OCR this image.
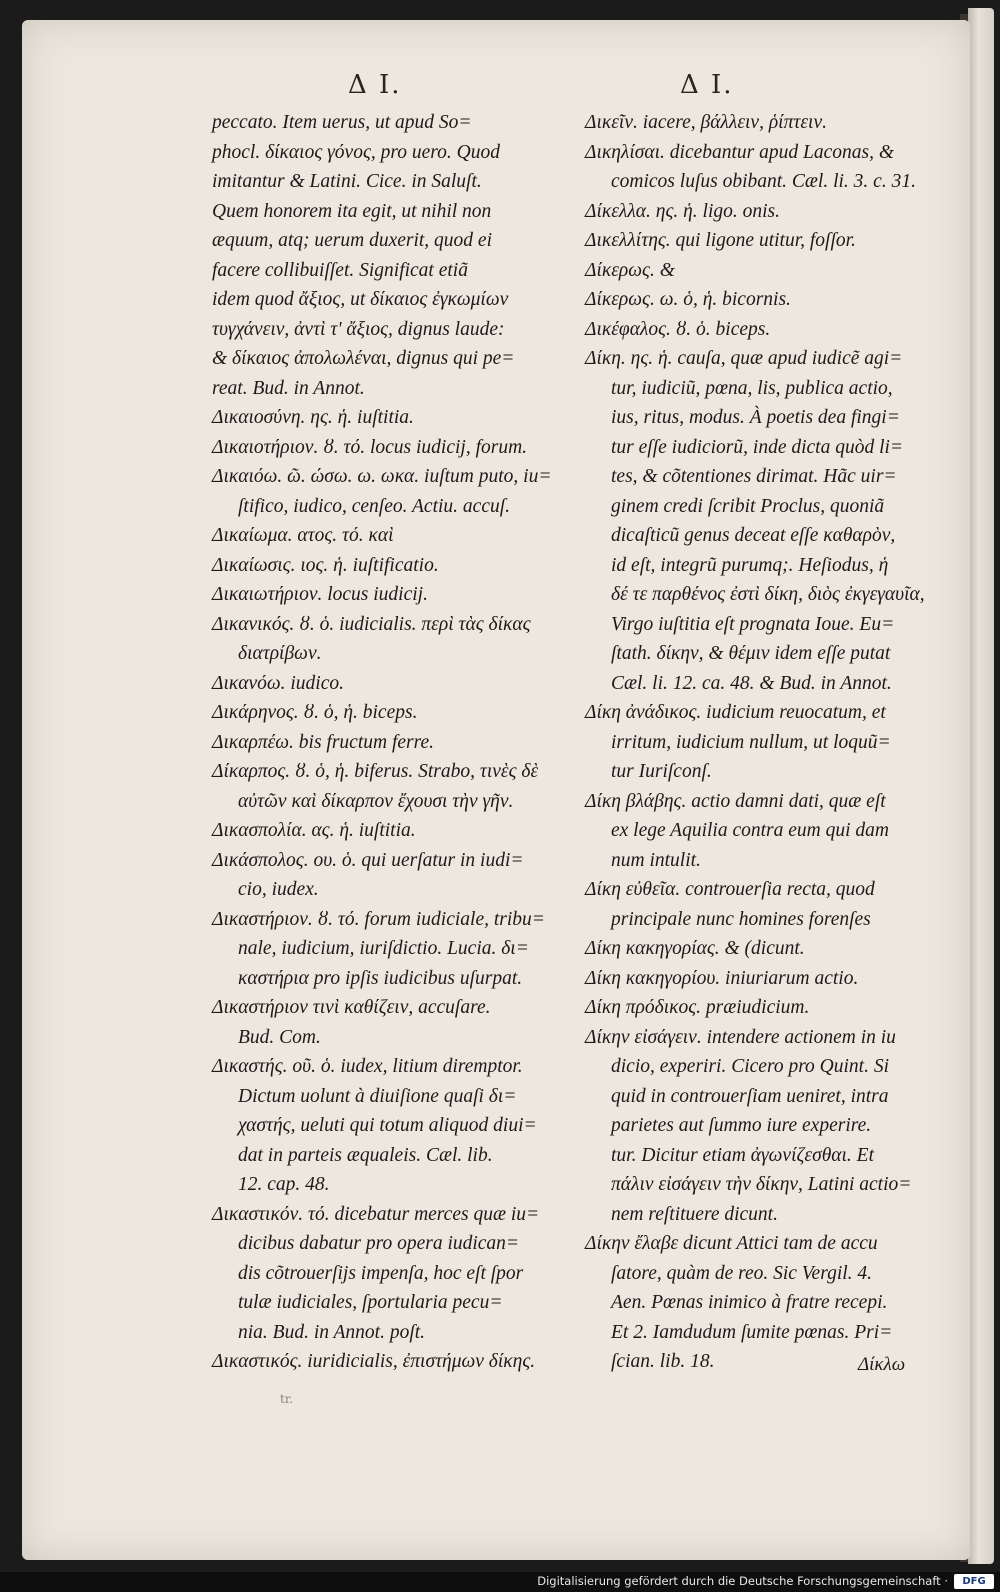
Δ I.	Δ I.
peccato. Item uerus, ut apud So=
phocl. δίκαιος γόνος, pro uero. Quod
imitantur & Latini. Cice. in Saluſt.
Quem honorem ita egit, ut nihil non
æquum, atq; uerum duxerit, quod ei
facere collibuiſſet. Significat etiã
idem quod ἄξιος, ut δίκαιος ἐγκωμίων
τυγχάνειν, ἀντὶ τ' ἄξιος, dignus laude:
& δίκαιος ἀπολωλέναι, dignus qui pe=
reat. Bud. in Annot.
Δικαιοσύνη. ης. ἡ. iuſtitia.
Δικαιοτήριον. ȣ. τό. locus iudicij, forum.
Δικαιόω. ῶ. ώσω. ω. ωκα. iuſtum puto, iu=
ſtifico, iudico, cenſeo. Actiu. accuſ.
Δικαίωμα. ατος. τό. καὶ
Δικαίωσις. ιος. ἡ. iuſtificatio.
Δικαιωτήριον. locus iudicij.
Δικανικός. ȣ. ὁ. iudicialis. περὶ τὰς δίκας
διατρίβων.
Δικανόω. iudico.
Δικάρηνος. ȣ. ὁ, ἡ. biceps.
Δικαρπέω. bis fructum ferre.
Δίκαρπος. ȣ. ὁ, ἡ. biferus. Strabo, τινὲς δὲ
αὐτῶν καὶ δίκαρπον ἔχουσι τὴν γῆν.
Δικασπολία. ας. ἡ. iuſtitia.
Δικάσπολος. ου. ὁ. qui uerſatur in iudi=
cio, iudex.
Δικαστήριον. ȣ. τό. forum iudiciale, tribu=
nale, iudicium, iuriſdictio. Lucia. δι=
καστήρια pro ipſis iudicibus uſurpat.
Δικαστήριον τινὶ καθίζειν, accuſare.
Bud. Com.
Δικαστής. οῦ. ὁ. iudex, litium diremptor.
Dictum uolunt à diuiſione quaſi δι=
χαστής, ueluti qui totum aliquod diui=
dat in parteis æqualeis. Cæl. lib.
12. cap. 48.
Δικαστικόν. τό. dicebatur merces quæ iu=
dicibus dabatur pro opera iudican=
dis cõtrouerſijs impenſa, hoc eſt ſpor
tulæ iudiciales, ſportularia pecu=
nia. Bud. in Annot. poſt.
Δικαστικός. iuridicialis, ἐπιστήμων δίκης.
Δικεῖν. iacere, βάλλειν, ῥίπτειν.
Δικηλίσαι. dicebantur apud Laconas, &
comicos luſus obibant. Cæl. li. 3. c. 31.
Δίκελλα. ης. ἡ. ligo. onis.
Δικελλίτης. qui ligone utitur, foſſor.
Δίκερως. &
Δίκερως. ω. ὁ, ἡ. bicornis.
Δικέφαλος. ȣ. ὁ. biceps.
Δίκη. ης. ἡ. cauſa, quæ apud iudicẽ agi=
tur, iudiciũ, pœna, lis, publica actio,
ius, ritus, modus. À poetis dea fingi=
tur eſſe iudiciorũ, inde dicta quòd li=
tes, & cõtentiones dirimat. Hãc uir=
ginem credi ſcribit Proclus, quoniã
dicaſticũ genus deceat eſſe καθαρὸν,
id eſt, integrũ purumq;. Heſiodus, ἡ
δέ τε παρθένος ἐστὶ δίκη, διὸς ἐκγεγαυῖα,
Virgo iuſtitia eſt prognata Ioue. Eu=
ſtath. δίκην, & θέμιν idem eſſe putat
Cæl. li. 12. ca. 48. & Bud. in Annot.
Δίκη ἀνάδικος. iudicium reuocatum, et
irritum, iudicium nullum, ut loquũ=
tur Iuriſconſ.
Δίκη βλάβης. actio damni dati, quæ eſt
ex lege Aquilia contra eum qui dam
num intulit.
Δίκη εὐθεῖα. controuerſia recta, quod
principale nunc homines forenſes
Δίκη κακηγορίας. & (dicunt.
Δίκη κακηγορίου. iniuriarum actio.
Δίκη πρόδικος. præiudicium.
Δίκην εἰσάγειν. intendere actionem in iu
dicio, experiri. Cicero pro Quint. Si
quid in controuerſiam ueniret, intra
parietes aut ſummo iure experire.
tur. Dicitur etiam ἀγωνίζεσθαι. Et
πάλιν εἰσάγειν τὴν δίκην, Latini actio=
nem reſtituere dicunt.
Δίκην ἔλαβε dicunt Attici tam de accu
ſatore, quàm de reo. Sic Vergil. 4.
Aen. Pœnas inimico à fratre recepi.
Et 2. Iamdudum ſumite pœnas. Pri=
ſcian. lib. 18.	Δίκλω
tr.
Digitalisierung gefördert durch die Deutsche Forschungsgemeinschaft ·	DFG
